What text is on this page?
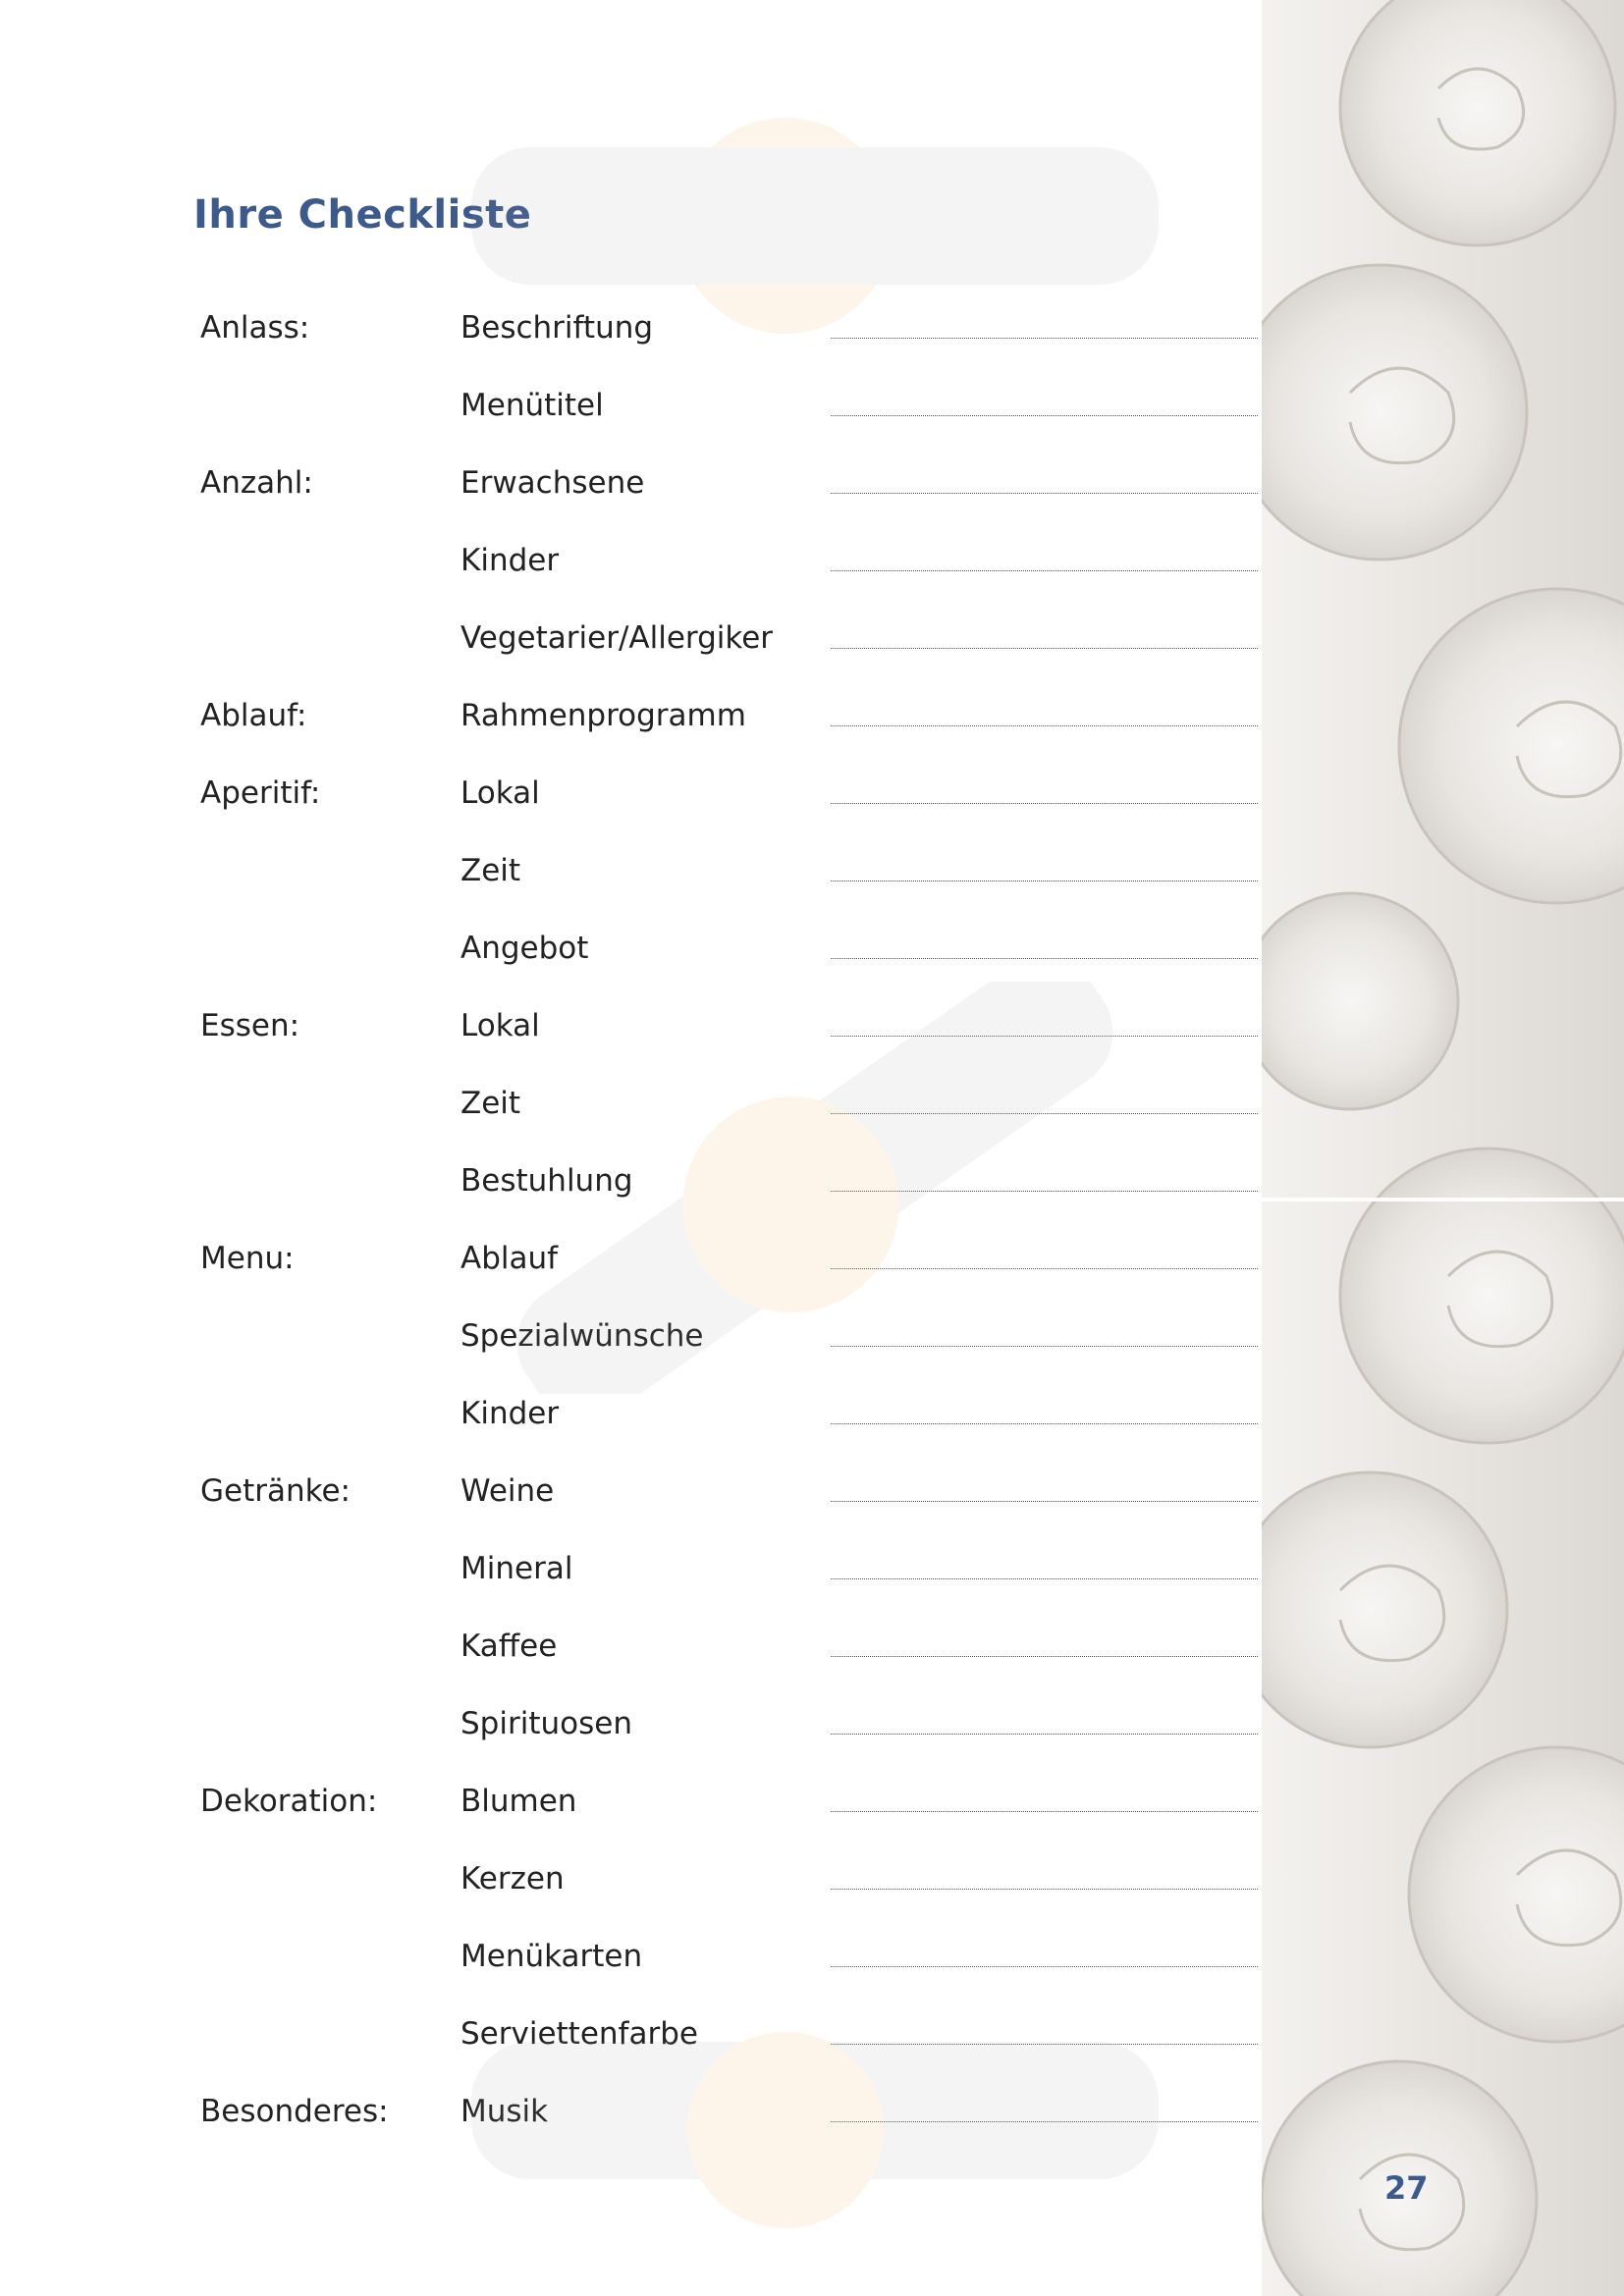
Ihre Checkliste
Anlass:	Beschriftung
Menütitel
Anzahl:	Erwachsene
Kinder
Vegetarier/Allergiker
Ablauf:	Rahmenprogramm
Aperitif:	Lokal
Zeit
Angebot
Essen:	Lokal
Zeit
Bestuhlung
Menu:	Ablauf
Spezialwünsche
Kinder
Getränke:	Weine
Mineral
Kaffee
Spirituosen
Dekoration:	Blumen
Kerzen
Menükarten
Serviettenfarbe
Besonderes: Musik
27
